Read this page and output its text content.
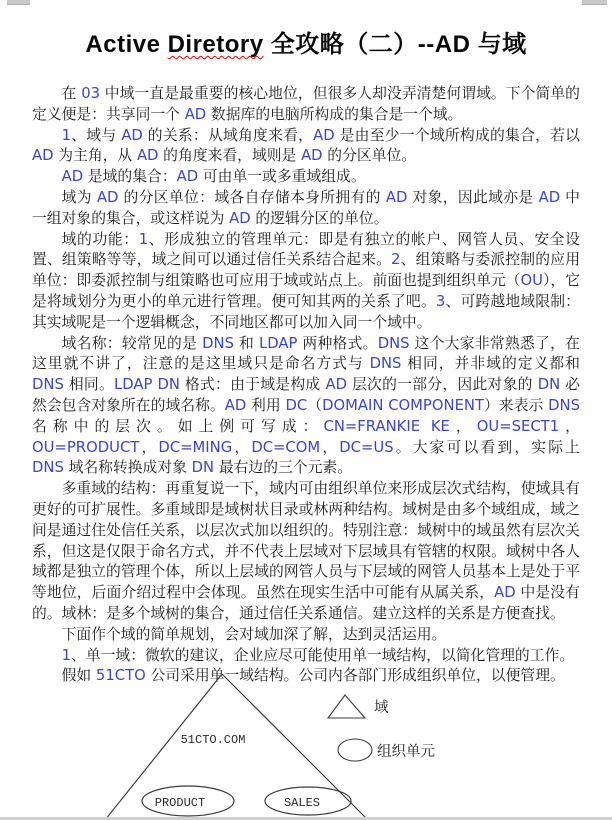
Active Diretory 全攻略（二）--AD 与域

在 03 中域一直是最重要的核心地位，但很多人却没弄清楚何谓域。下个简单的定义便是：共享同一个 AD 数据库的电脑所构成的集合是一个域。

1、域与 AD 的关系：从域角度来看，AD 是由至少一个域所构成的集合，若以 AD 为主角，从 AD 的角度来看，域则是 AD 的分区单位。

AD 是域的集合：AD 可由单一或多重域组成。

域为 AD 的分区单位：域各自存储本身所拥有的 AD 对象，因此域亦是 AD 中一组对象的集合，或这样说为 AD 的逻辑分区的单位。

域的功能：1、形成独立的管理单元：即是有独立的帐户、网管人员、安全设置、组策略等等，域之间可以通过信任关系结合起来。2、组策略与委派控制的应用单位：即委派控制与组策略也可应用于域或站点上。前面也提到组织单元（OU），它是将域划分为更小的单元进行管理。便可知其两的关系了吧。3、可跨越地域限制：其实域呢是一个逻辑概念，不同地区都可以加入同一个域中。

域名称：较常见的是 DNS 和 LDAP 两种格式。DNS 这个大家非常熟悉了，在这里就不讲了，注意的是这里域只是命名方式与 DNS 相同，并非域的定义都和 DNS 相同。LDAP DN 格式：由于域是构成 AD 层次的一部分，因此对象的 DN 必然会包含对象所在的域名称。AD 利用 DC（DOMAIN COMPONENT）来表示 DNS 名称中的层次。如上例可写成：CN=FRANKIE KE，OU=SECT1，OU=PRODUCT，DC=MING，DC=COM，DC=US。大家可以看到，实际上 DNS 域名称转换成对象 DN 最右边的三个元素。

多重域的结构：再重复说一下，域内可由组织单位来形成层次式结构，使域具有更好的可扩展性。多重域即是域树状目录或林两种结构。域树是由多个域组成，域之间是通过住处信任关系，以层次式加以组织的。特别注意：域树中的域虽然有层次关系，但这是仅限于命名方式，并不代表上层域对下层域具有管辖的权限。域树中各人域都是独立的管理个体，所以上层域的网管人员与下层域的网管人员基本上是处于平等地位，后面介绍过程中会体现。虽然在现实生活中可能有从属关系，AD 中是没有的。域林：是多个域树的集合，通过信任关系通信。建立这样的关系是方便查找。

下面作个域的简单规划，会对域加深了解，达到灵活运用。

1、单一域：微软的建议，企业应尽可能使用单一域结构，以简化管理的工作。

假如 51CTO 公司采用单一域结构。公司内各部门形成组织单位，以便管理。

51CTO.COM
PRODUCT	SALES
域
组织单元
